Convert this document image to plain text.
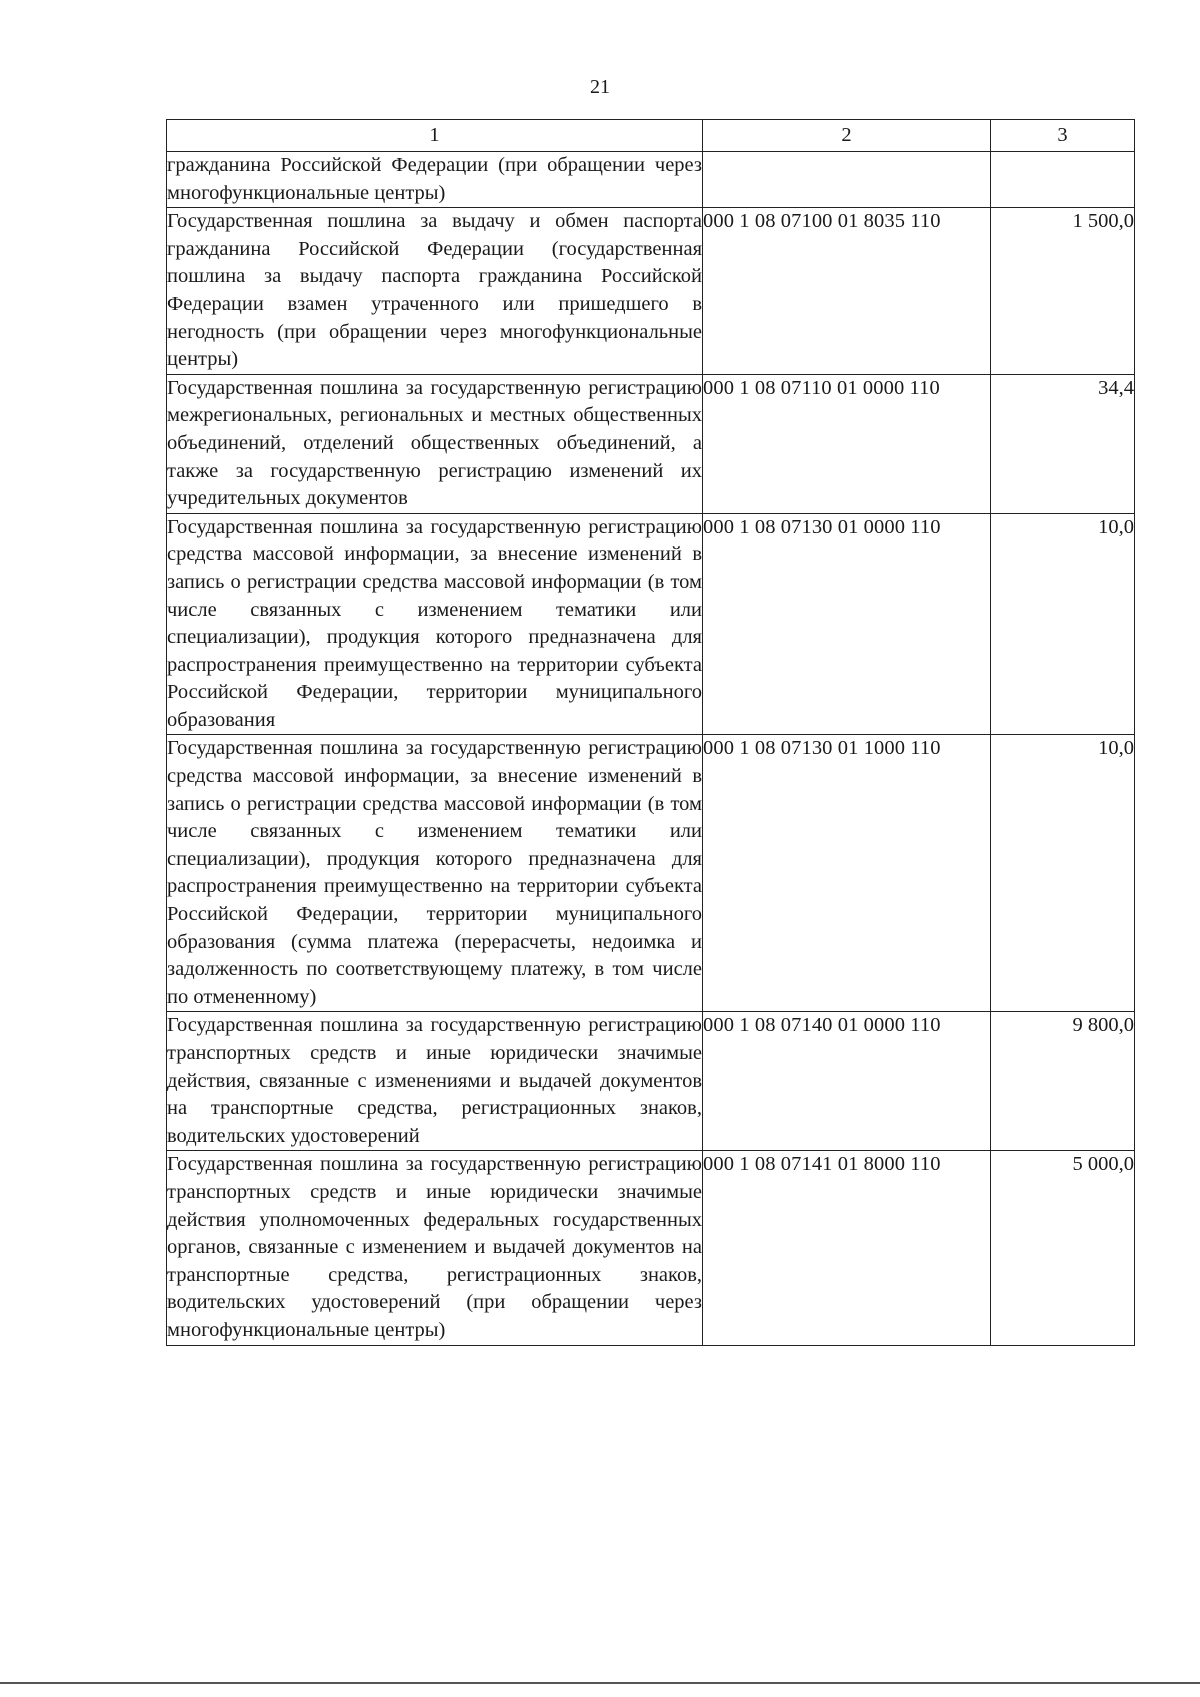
21
1	2	3
гражданина Российской Федерации (при обращении через многофункциональные центры)		
Государственная пошлина за выдачу и обмен паспорта гражданина Российской Федерации (государственная пошлина за выдачу паспорта гражданина Российской Федерации взамен утраченного или пришедшего в негодность (при обращении через многофункциональные центры)	000 1 08 07100 01 8035 110	1 500,0
Государственная пошлина за государственную регистрацию межрегиональных, региональных и местных общественных объединений, отделений общественных объединений, а также за государственную регистрацию изменений их учредительных документов	000 1 08 07110 01 0000 110	34,4
Государственная пошлина за государственную регистрацию средства массовой информации, за внесение изменений в запись о регистрации средства массовой информации (в том числе связанных с изменением тематики или специализации), продукция которого предназначена для распространения преимущественно на территории субъекта Российской Федерации, территории муниципального образования	000 1 08 07130 01 0000 110	10,0
Государственная пошлина за государственную регистрацию средства массовой информации, за внесение изменений в запись о регистрации средства массовой информации (в том числе связанных с изменением тематики или специализации), продукция которого предназначена для распространения преимущественно на территории субъекта Российской Федерации, территории муниципального образования (сумма платежа (перерасчеты, недоимка и задолженность по соответствующему платежу, в том числе по отмененному)	000 1 08 07130 01 1000 110	10,0
Государственная пошлина за государственную регистрацию транспортных средств и иные юридически значимые действия, связанные с изменениями и выдачей документов на транспортные средства, регистрационных знаков, водительских удостоверений	000 1 08 07140 01 0000 110	9 800,0
Государственная пошлина за государственную регистрацию транспортных средств и иные юридически значимые действия уполномоченных федеральных государственных органов, связанные с изменением и выдачей документов на транспортные средства, регистрационных знаков, водительских удостоверений (при обращении через многофункциональные центры)	000 1 08 07141 01 8000 110	5 000,0
